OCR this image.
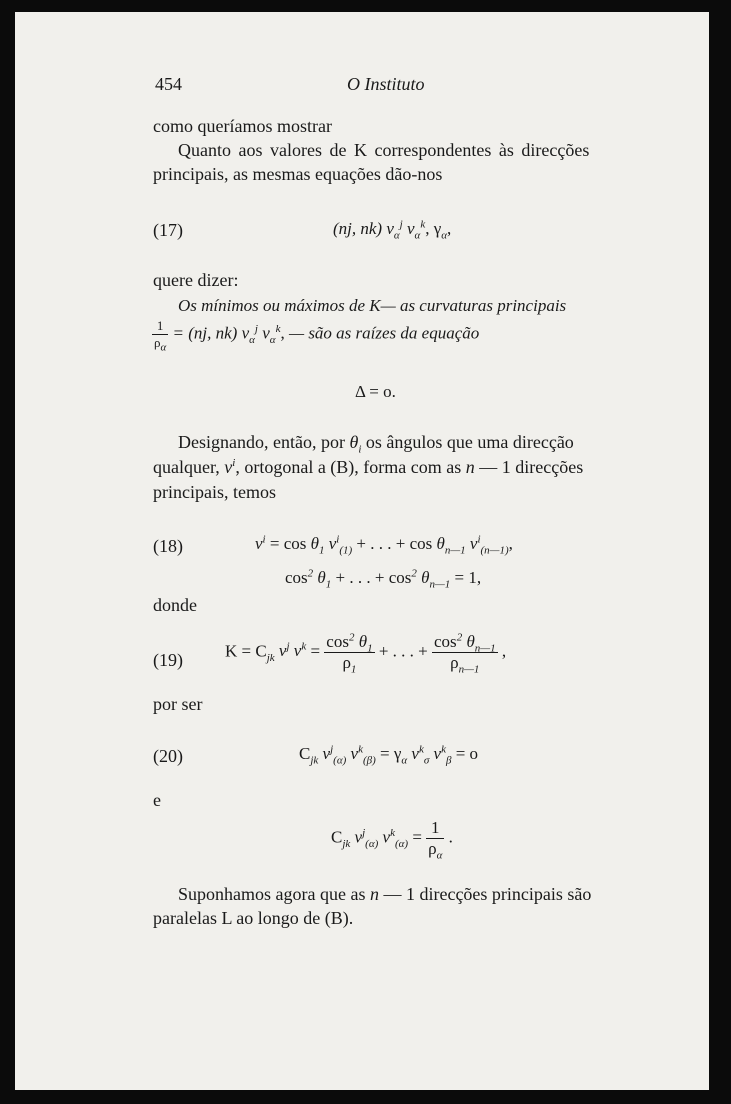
454	O Instituto
como queríamos mostrar
Quanto aos valores de K correspondentes às direcções
principais, as mesmas equações dão-nos
(17)	(nj, nk) $\nu_\alpha^j$ $\nu_\alpha^k$, $\gamma_\alpha$,
quere dizer:
Os mínimos ou máximos de K— as curvaturas principais
$\frac{1}{\rho_\alpha} = (nj$, nk) $\nu_\alpha^j$ $\nu_\alpha^k$, — são as raízes da equação
Δ = o.
Designando, então, por $\theta_i$ os ângulos que uma direcção
qualquer, $\nu^i$, ortogonal a (B), forma com as n — 1 direcções
principais, temos
(18)	$\nu^i = \cos \theta_1$ $\nu^i_{(1)}$ + . . . + $\cos \theta_{n—1}$ $\nu^i_{(n—1)}$,
$\cos^2 \theta_1$ + . . . + $\cos^2 \theta_{n—1} = 1$,
donde
(19) $K = C_{jk}$ $\nu^j$ $\nu^k = \frac{\cos^2 \theta_1}{\rho_1}$ + . . . + $\frac{\cos^2 \theta_{n—1}}{\rho_{n—1}}$ ,
por ser
(20)	$C_{jk}$ $\nu^j_{(\alpha)}$ $\nu^k_{(\beta)} = \gamma_\alpha$ $\nu^k_\sigma$ $\nu^k_\beta = o$
e
$C_{jk}$ $\nu^j_{(\alpha)}$ $\nu^k_{(\alpha)} = \frac{1}{\rho_\alpha}$ .
Suponhamos agora que as n — 1 direcções principais são
paralelas L ao longo de (B).
